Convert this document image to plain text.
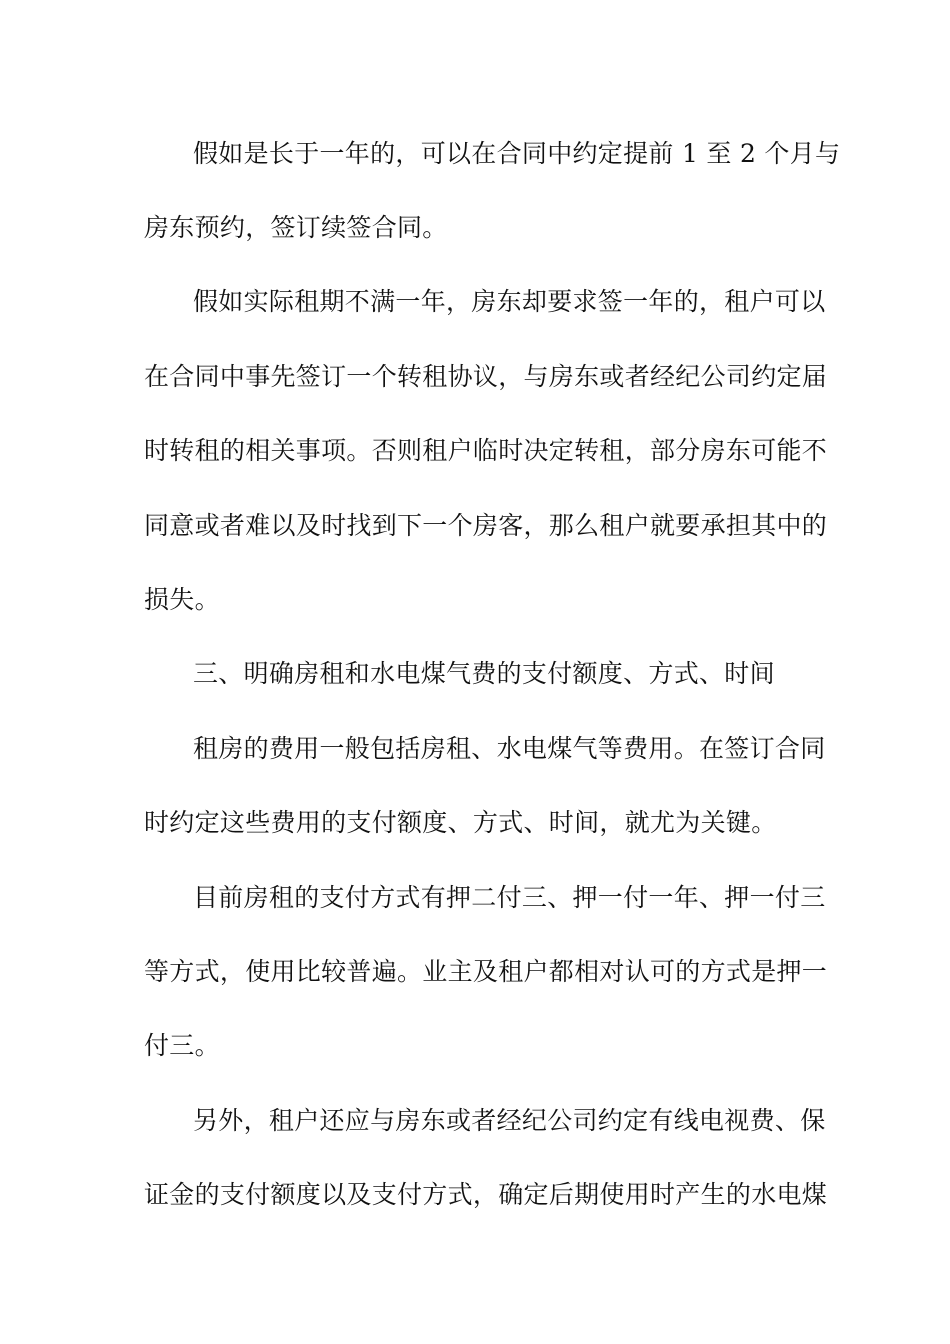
假如是长于一年的，可以在合同中约定提前 1 至 2 个月与
房东预约，签订续签合同。
假如实际租期不满一年，房东却要求签一年的，租户可以
在合同中事先签订一个转租协议，与房东或者经纪公司约定届
时转租的相关事项。否则租户临时决定转租，部分房东可能不
同意或者难以及时找到下一个房客，那么租户就要承担其中的
损失。
三、明确房租和水电煤气费的支付额度、方式、时间
租房的费用一般包括房租、水电煤气等费用。在签订合同
时约定这些费用的支付额度、方式、时间，就尤为关键。
目前房租的支付方式有押二付三、押一付一年、押一付三
等方式，使用比较普遍。业主及租户都相对认可的方式是押一
付三。
另外，租户还应与房东或者经纪公司约定有线电视费、保
证金的支付额度以及支付方式，确定后期使用时产生的水电煤
